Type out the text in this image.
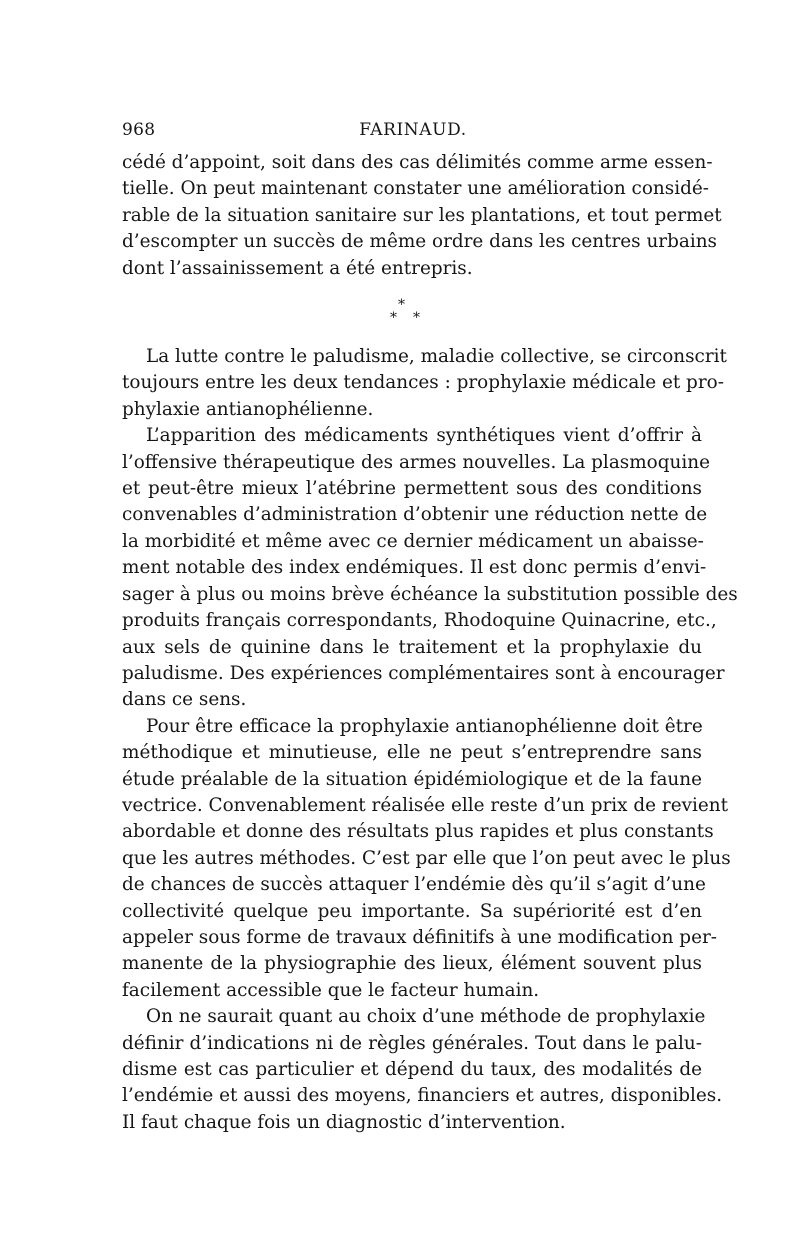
968	FARINAUD.
cédé d’appoint, soit dans des cas délimités comme arme essen-
tielle. On peut maintenant constater une amélioration considé-
rable de la situation sanitaire sur les plantations, et tout permet
d’escompter un succès de même ordre dans les centres urbains
dont l’assainissement a été entrepris.
*
* *
La lutte contre le paludisme, maladie collective, se circonscrit
toujours entre les deux tendances : prophylaxie médicale et pro-
phylaxie antianophélienne.
L’apparition des médicaments synthétiques vient d’offrir à
l’offensive thérapeutique des armes nouvelles. La plasmoquine
et peut-être mieux l’atébrine permettent sous des conditions
convenables d’administration d’obtenir une réduction nette de
la morbidité et même avec ce dernier médicament un abaisse-
ment notable des index endémiques. Il est donc permis d’envi-
sager à plus ou moins brève échéance la substitution possible des
produits français correspondants, Rhodoquine Quinacrine, etc.,
aux sels de quinine dans le traitement et la prophylaxie du
paludisme. Des expériences complémentaires sont à encourager
dans ce sens.
Pour être efficace la prophylaxie antianophélienne doit être
méthodique et minutieuse, elle ne peut s’entreprendre sans
étude préalable de la situation épidémiologique et de la faune
vectrice. Convenablement réalisée elle reste d’un prix de revient
abordable et donne des résultats plus rapides et plus constants
que les autres méthodes. C’est par elle que l’on peut avec le plus
de chances de succès attaquer l’endémie dès qu’il s’agit d’une
collectivité quelque peu importante. Sa supériorité est d’en
appeler sous forme de travaux définitifs à une modification per-
manente de la physiographie des lieux, élément souvent plus
facilement accessible que le facteur humain.
On ne saurait quant au choix d’une méthode de prophylaxie
définir d’indications ni de règles générales. Tout dans le palu-
disme est cas particulier et dépend du taux, des modalités de
l’endémie et aussi des moyens, financiers et autres, disponibles.
Il faut chaque fois un diagnostic d’intervention.
